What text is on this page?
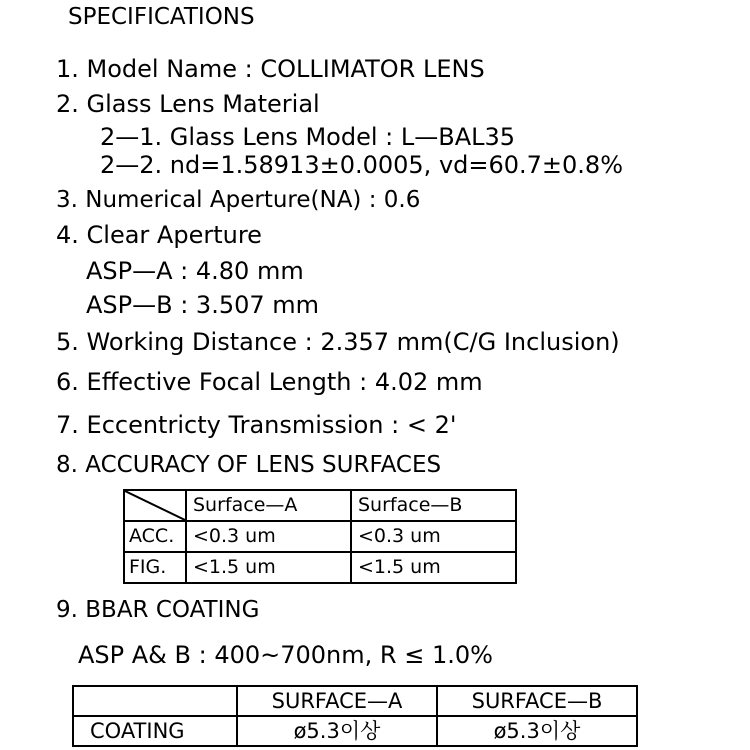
SPECIFICATIONS
1. Model Name : COLLIMATOR LENS
2. Glass Lens Material
2—1. Glass Lens Model : L—BAL35
2—2. nd=1.58913±0.0005, vd=60.7±0.8%
3. Numerical Aperture(NA) : 0.6
4. Clear Aperture
ASP—A : 4.80 mm
ASP—B : 3.507 mm
5. Working Distance : 2.357 mm(C/G Inclusion)
6. Effective Focal Length : 4.02 mm
7. Eccentricty Transmission : < 2'
8. ACCURACY OF LENS SURFACES
	Surface—A	Surface—B
ACC.	<0.3 um	<0.3 um
FIG.	<1.5 um	<1.5 um
9. BBAR COATING
ASP A& B : 400~700nm, R ≤ 1.0%
	SURFACE—A	SURFACE—B
COATING	ø5.3이상	ø5.3이상
